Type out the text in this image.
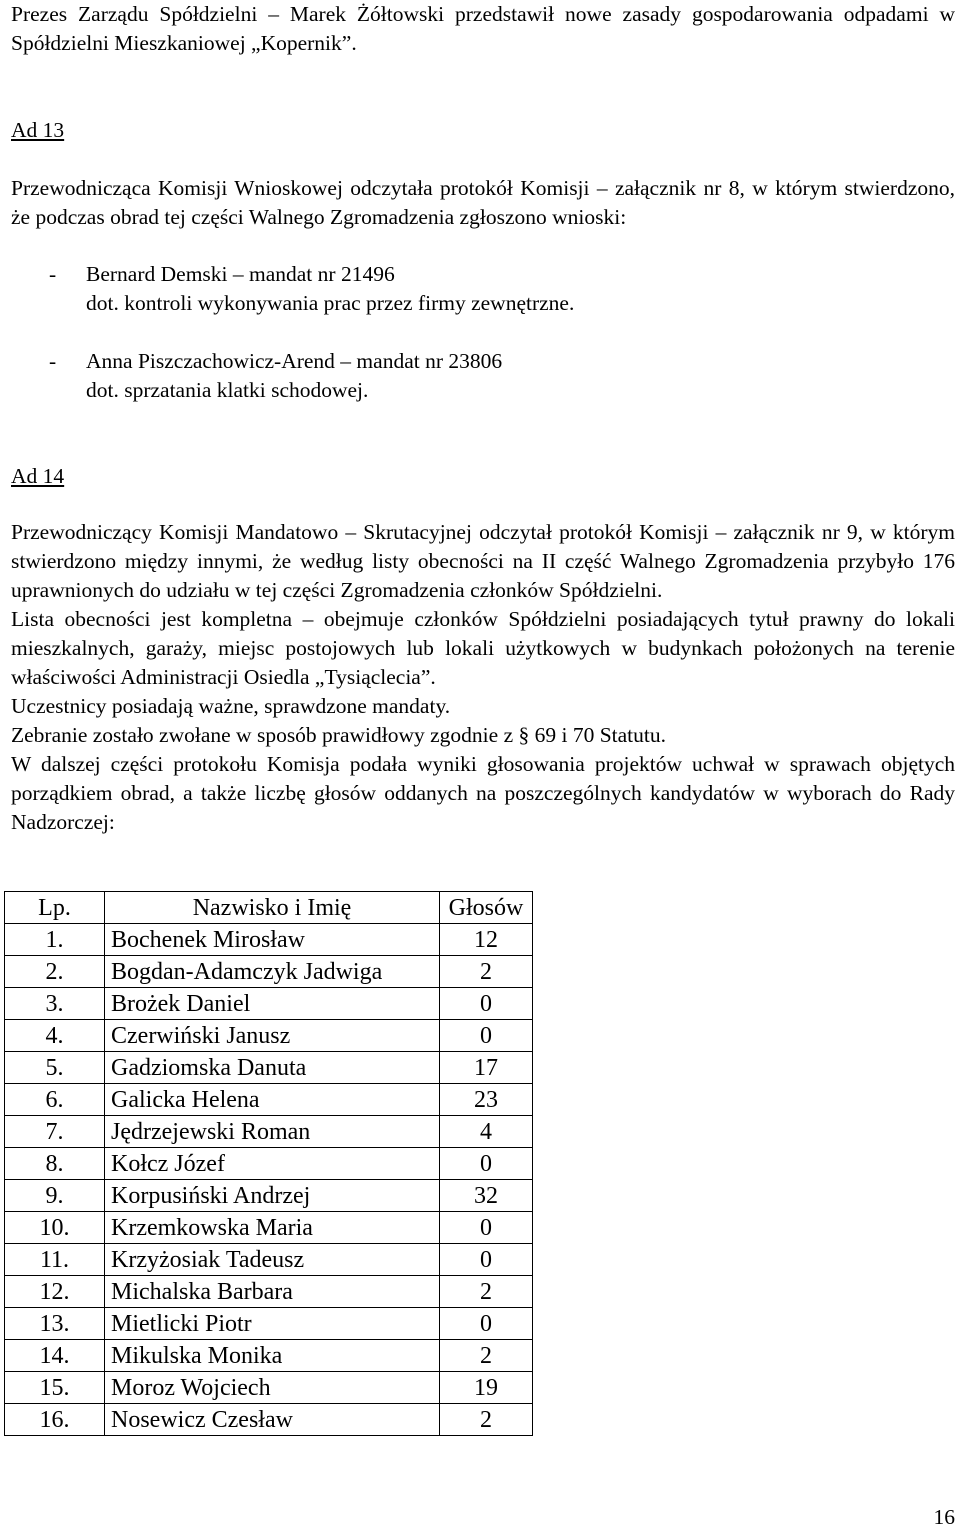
Prezes Zarządu Spółdzielni – Marek Żółtowski przedstawił nowe zasady gospodarowania odpadami w Spółdzielni Mieszkaniowej „Kopernik”.

Ad 13

Przewodnicząca Komisji Wnioskowej odczytała protokół Komisji – załącznik nr 8, w którym stwierdzono, że podczas obrad tej części Walnego Zgromadzenia zgłoszono wnioski:

- Bernard Demski – mandat nr 21496
dot. kontroli wykonywania prac przez firmy zewnętrzne.
- Anna Piszczachowicz-Arend – mandat nr 23806
dot. sprzatania klatki schodowej.

Ad 14

Przewodniczący Komisji Mandatowo – Skrutacyjnej odczytał protokół Komisji – załącznik nr 9, w którym stwierdzono między innymi, że według listy obecności na II część Walnego Zgromadzenia przybyło 176 uprawnionych do udziału w tej części Zgromadzenia członków Spółdzielni.

Lista obecności jest kompletna – obejmuje członków Spółdzielni posiadających tytuł prawny do lokali mieszkalnych, garaży, miejsc postojowych lub lokali użytkowych w budynkach położonych na terenie właściwości Administracji Osiedla „Tysiąclecia”.

Uczestnicy posiadają ważne, sprawdzone mandaty.

Zebranie zostało zwołane w sposób prawidłowy zgodnie z § 69 i 70 Statutu.

W dalszej części protokołu Komisja podała wyniki głosowania projektów uchwał w sprawach objętych porządkiem obrad, a także liczbę głosów oddanych na poszczególnych kandydatów w wyborach do Rady Nadzorczej:

Lp.	Nazwisko i Imię	Głosów
1.	Bochenek Mirosław	12
2.	Bogdan-Adamczyk Jadwiga	2
3.	Brożek Daniel	0
4.	Czerwiński Janusz	0
5.	Gadziomska Danuta	17
6.	Galicka Helena	23
7.	Jędrzejewski Roman	4
8.	Kołcz Józef	0
9.	Korpusiński Andrzej	32
10.	Krzemkowska Maria	0
11.	Krzyżosiak Tadeusz	0
12.	Michalska Barbara	2
13.	Mietlicki Piotr	0
14.	Mikulska Monika	2
15.	Moroz Wojciech	19
16.	Nosewicz Czesław	2
16
